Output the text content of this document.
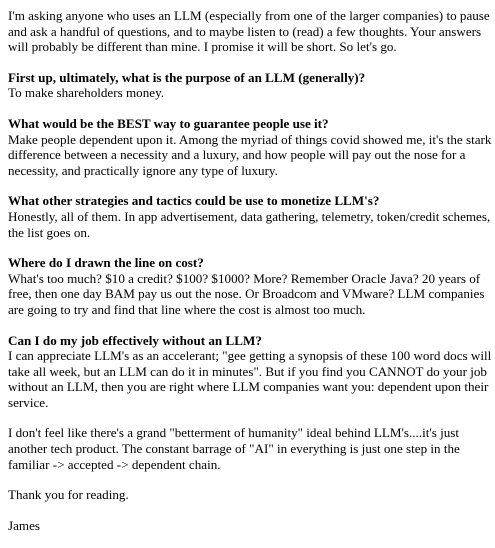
I'm asking anyone who uses an LLM (especially from one of the larger companies) to pause and ask a handful of questions, and to maybe listen to (read) a few thoughts. Your answers will probably be different than mine. I promise it will be short. So let's go.

First up, ultimately, what is the purpose of an LLM (generally)?
To make shareholders money.

What would be the BEST way to guarantee people use it?
Make people dependent upon it. Among the myriad of things covid showed me, it's the stark difference between a necessity and a luxury, and how people will pay out the nose for a necessity, and practically ignore any type of luxury.

What other strategies and tactics could be use to monetize LLM's?
Honestly, all of them. In app advertisement, data gathering, telemetry, token/credit schemes, the list goes on.

Where do I drawn the line on cost?
What's too much? $10 a credit? $100? $1000? More? Remember Oracle Java? 20 years of free, then one day BAM pay us out the nose. Or Broadcom and VMware? LLM companies are going to try and find that line where the cost is almost too much.

Can I do my job effectively without an LLM?
I can appreciate LLM's as an accelerant; "gee getting a synopsis of these 100 word docs will take all week, but an LLM can do it in minutes". But if you find you CANNOT do your job without an LLM, then you are right where LLM companies want you: dependent upon their service.

I don't feel like there's a grand "betterment of humanity" ideal behind LLM's....it's just another tech product. The constant barrage of "AI" in everything is just one step in the familiar -> accepted -> dependent chain.

Thank you for reading.

James
